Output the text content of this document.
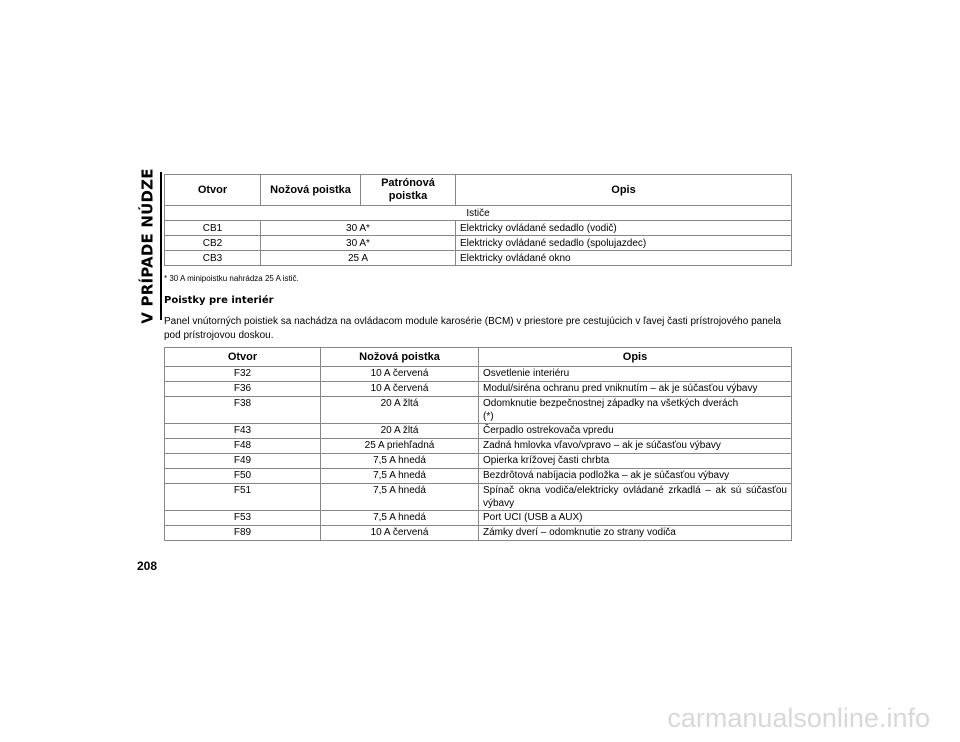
V PRÍPADE NÚDZE	Otvor	Nožová poistka	Patrónová poistka	Opis
Ističe			
CB1	30 A*		Elektricky ovládané sedadlo (vodič)
CB2	30 A*		Elektricky ovládané sedadlo (spolujazdec)
CB3	25 A		Elektricky ovládané okno
* 30 A minipoistku nahrádza 25 A istič.
Poistky pre interiér
Panel vnútorných poistiek sa nachádza na ovládacom module karosérie (BCM) v priestore pre cestujúcich v ľavej časti prístrojového panela pod prístrojovou doskou.
Otvor	Nožová poistka	Opis
F32	10 A červená	Osvetlenie interiéru
F36	10 A červená	Modul/siréna ochranu pred vniknutím – ak je súčasťou výbavy
F38	20 A žltá	Odomknutie bezpečnostnej západky na všetkých dverách (*)
F43	20 A žltá	Čerpadlo ostrekovača vpredu
F48	25 A priehľadná	Zadná hmlovka vľavo/vpravo – ak je súčasťou výbavy
F49	7,5 A hnedá	Opierka krížovej časti chrbta
F50	7,5 A hnedá	Bezdrôtová nabíjacia podložka – ak je súčasťou výbavy
F51	7,5 A hnedá	Spínač okna vodiča/elektricky ovládané zrkadlá – ak sú súčasťou výbavy
F53	7,5 A hnedá	Port UCI (USB a AUX)
F89	10 A červená	Zámky dverí – odomknutie zo strany vodiča
208
carmanualsonline.info
